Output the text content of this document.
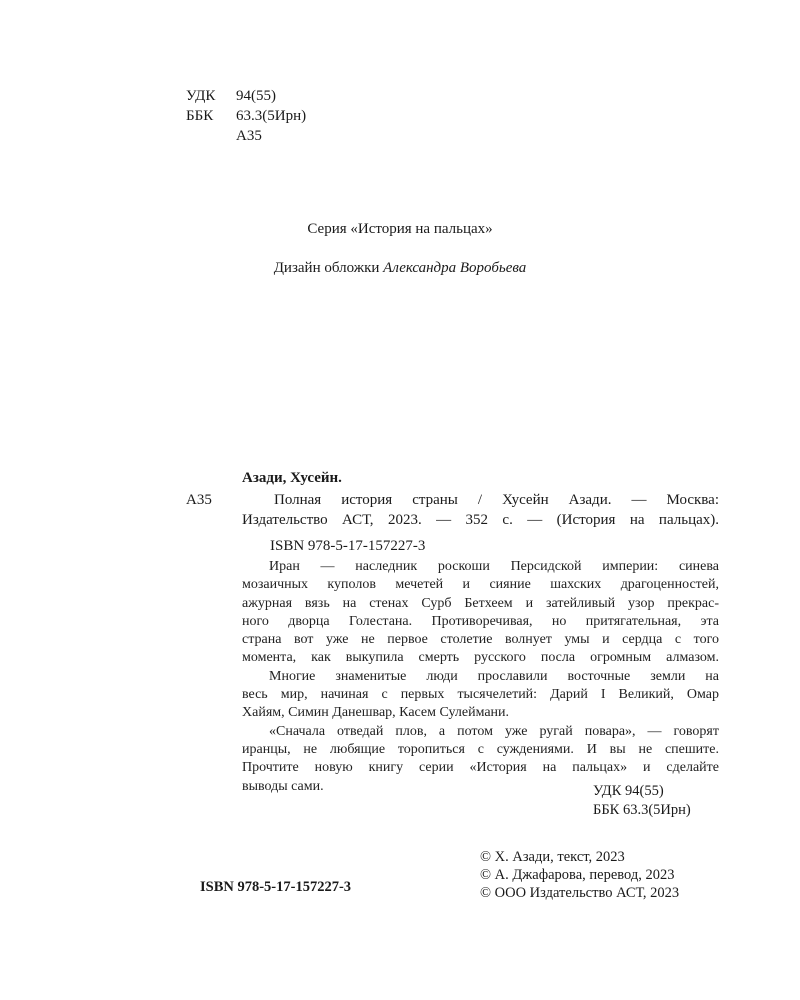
УДК 94(55)
ББК 63.3(5Ирн)
А35
Серия «История на пальцах»
Дизайн обложки Александра Воробьева
Азади, Хусейн.
А35	Полная история страны / Хусейн Азади. — Москва:
Издательство АСТ, 2023. — 352 с. — (История на пальцах).
ISBN 978-5-17-157227-3
Иран — наследник роскоши Персидской империи: синева
мозаичных куполов мечетей и сияние шахских драгоценностей,
ажурная вязь на стенах Сурб Бетхеем и затейливый узор прекрас-
ного дворца Голестана. Противоречивая, но притягательная, эта
страна вот уже не первое столетие волнует умы и сердца с того
момента, как выкупила смерть русского посла огромным алмазом.
Многие знаменитые люди прославили восточные земли на
весь мир, начиная с первых тысячелетий: Дарий I Великий, Омар
Хайям, Симин Данешвар, Касем Сулеймани.
«Сначала отведай плов, а потом уже ругай повара», — говорят
иранцы, не любящие торопиться с суждениями. И вы не спешите.
Прочтите новую книгу серии «История на пальцах» и сделайте
выводы сами.	УДК 94(55)
ББК 63.3(5Ирн)
ISBN 978-5-17-157227-3
© Х. Азади, текст, 2023
© А. Джафарова, перевод, 2023
© ООО Издательство АСТ, 2023
